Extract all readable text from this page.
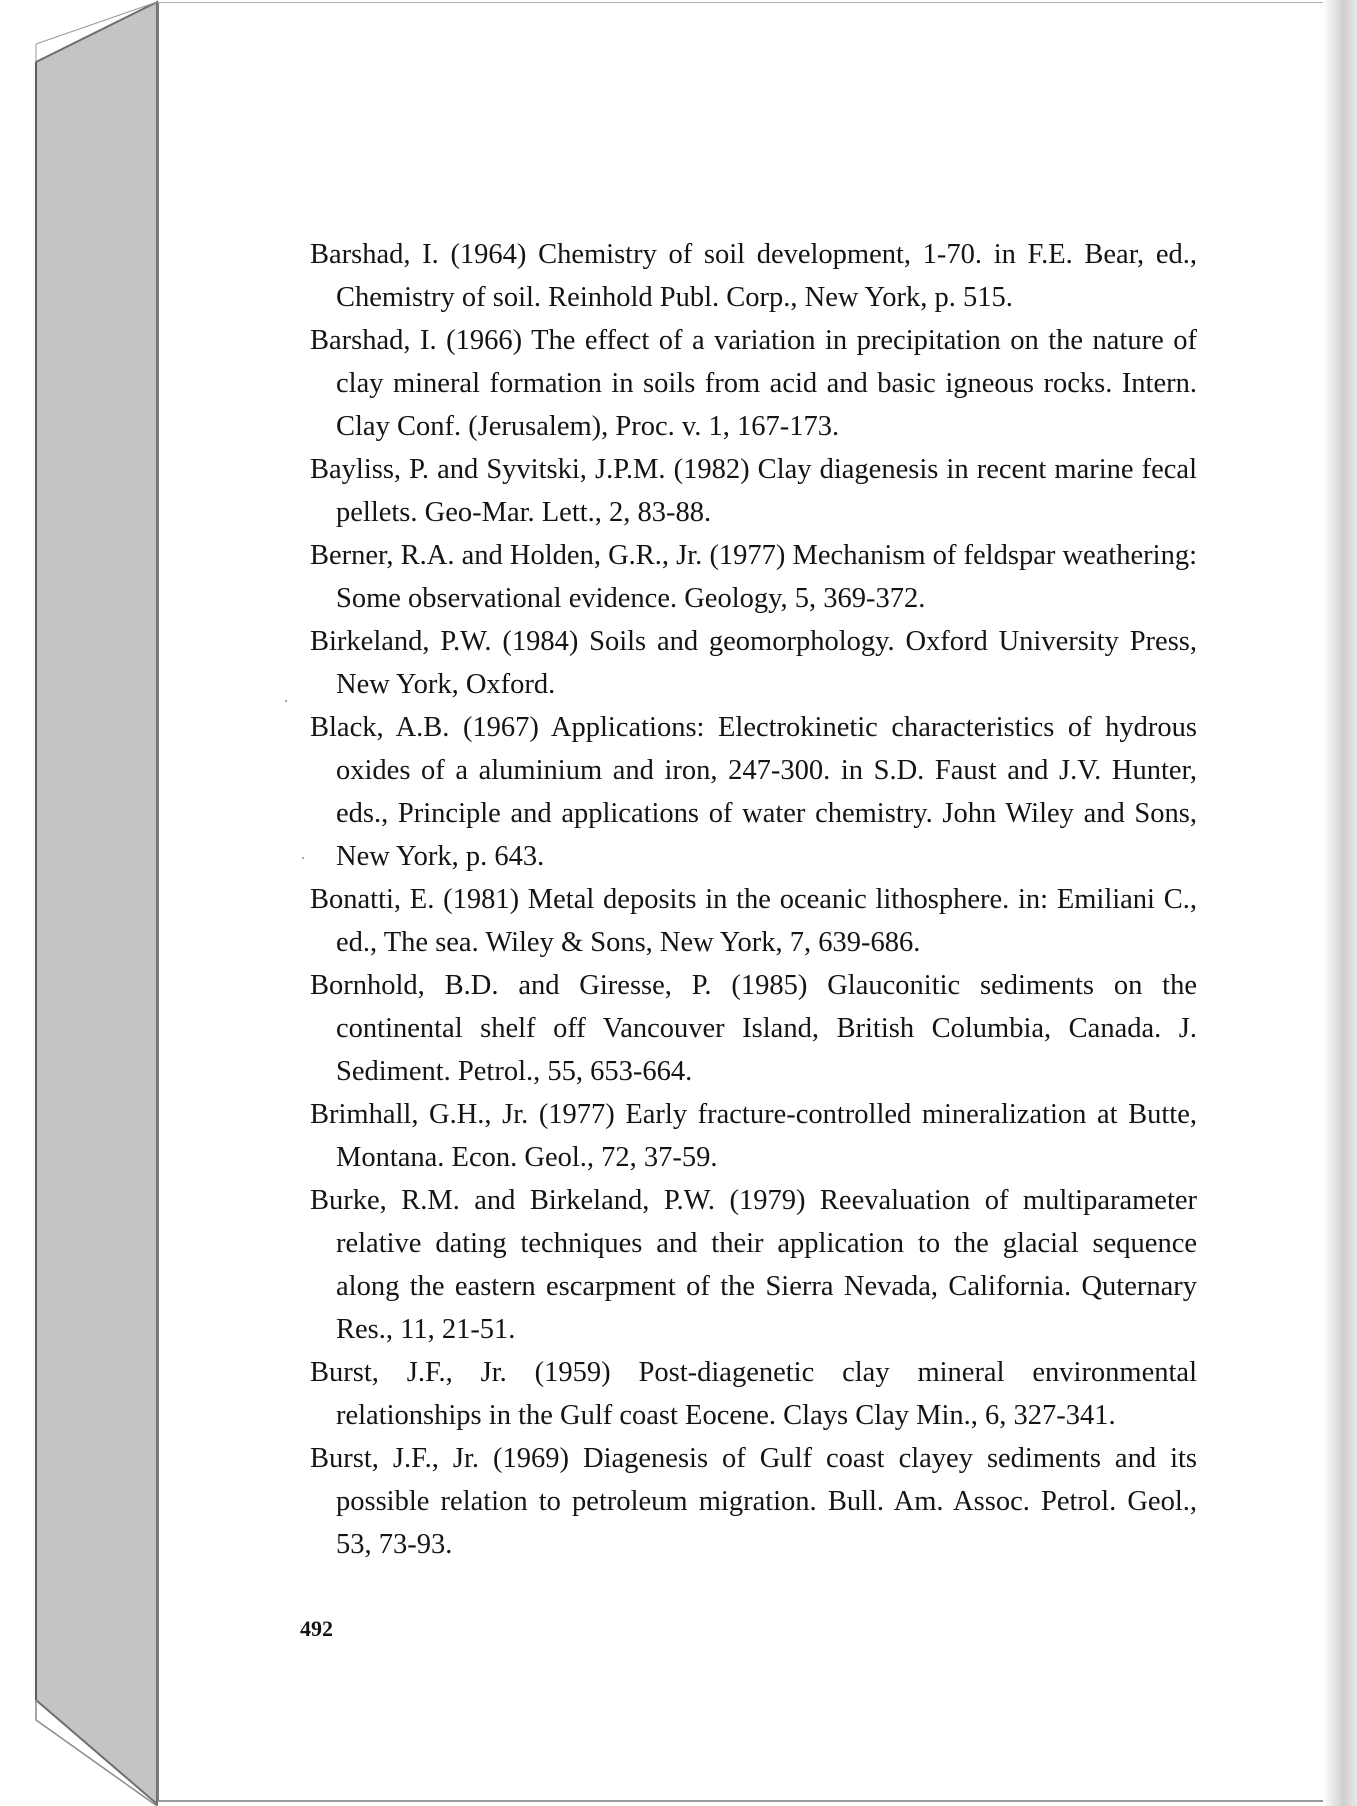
Barshad, I. (1964) Chemistry of soil development, 1-70. in F.E. Bear, ed., Chemistry of soil. Reinhold Publ. Corp., New York, p. 515.

Barshad, I. (1966) The effect of a variation in precipitation on the nature of clay mineral formation in soils from acid and basic igneous rocks. Intern. Clay Conf. (Jerusalem), Proc. v. 1, 167-173.

Bayliss, P. and Syvitski, J.P.M. (1982) Clay diagenesis in recent marine fecal pellets. Geo-Mar. Lett., 2, 83-88.

Berner, R.A. and Holden, G.R., Jr. (1977) Mechanism of feldspar weathering: Some observational evidence. Geology, 5, 369-372.

Birkeland, P.W. (1984) Soils and geomorphology. Oxford University Press, New York, Oxford.

Black, A.B. (1967) Applications: Electrokinetic characteristics of hydrous oxides of a aluminium and iron, 247-300. in S.D. Faust and J.V. Hunter, eds., Principle and applications of water chemistry. John Wiley and Sons, New York, p. 643.

Bonatti, E. (1981) Metal deposits in the oceanic lithosphere. in: Emiliani C., ed., The sea. Wiley & Sons, New York, 7, 639-686.

Bornhold, B.D. and Giresse, P. (1985) Glauconitic sediments on the continental shelf off Vancouver Island, British Columbia, Canada. J. Sediment. Petrol., 55, 653-664.

Brimhall, G.H., Jr. (1977) Early fracture-controlled mineralization at Butte, Montana. Econ. Geol., 72, 37-59.

Burke, R.M. and Birkeland, P.W. (1979) Reevaluation of multiparameter relative dating techniques and their application to the glacial sequence along the eastern escarpment of the Sierra Nevada, California. Quternary Res., 11, 21-51.

Burst, J.F., Jr. (1959) Post-diagenetic clay mineral environmental relationships in the Gulf coast Eocene. Clays Clay Min., 6, 327-341.

Burst, J.F., Jr. (1969) Diagenesis of Gulf coast clayey sediments and its possible relation to petroleum migration. Bull. Am. Assoc. Petrol. Geol., 53, 73-93.

492
